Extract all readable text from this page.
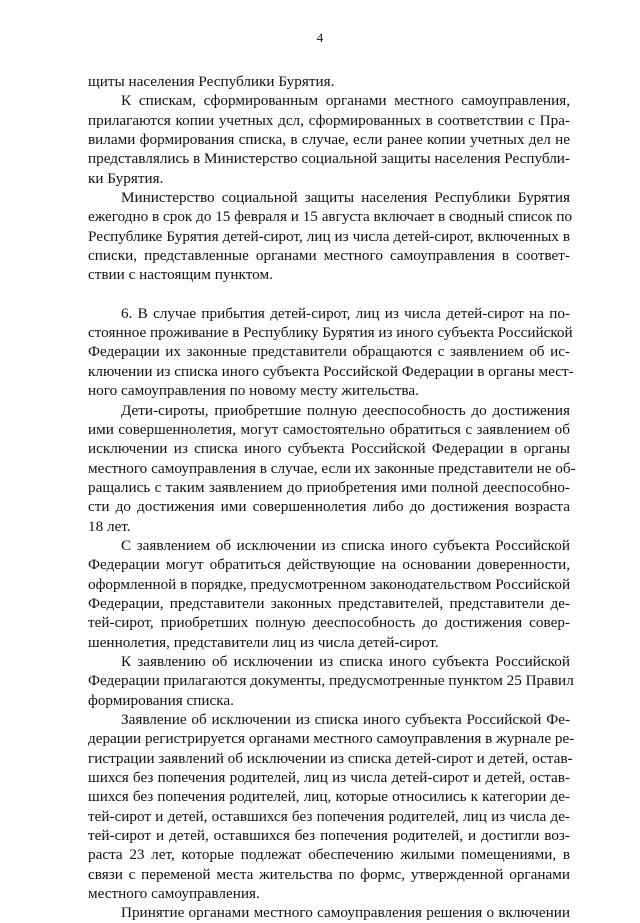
4
щиты населения Республики Бурятия.
К спискам, сформированным органами местного самоуправления,
прилагаются копии учетных дсл, сформированных в соответствии с Пра-
вилами формирования списка, в случае, если ранее копии учетных дел не
представлялись в Министерство социальной защиты населения Республи-
ки Бурятия.
Министерство социальной защиты населения Республики Бурятия
ежегодно в срок до 15 февраля и 15 августа включает в сводный список по
Республике Бурятия детей-сирот, лиц из числа детей-сирот, включенных в
списки, представленные органами местного самоуправления в соответ-
ствии с настоящим пунктом.
6. В случае прибытия детей-сирот, лиц из числа детей-сирот на по-
стоянное проживание в Республику Бурятия из иного субъекта Российской
Федерации их законные представители обращаются с заявлением об ис-
ключении из списка иного субъекта Российской Федерации в органы мест-
ного самоуправления по новому месту жительства.
Дети-сироты, приобретшие полную дееспособность до достижения
ими совершеннолетия, могут самостоятельно обратиться с заявлением об
исключении из списка иного субъекта Российской Федерации в органы
местного самоуправления в случае, если их законные представители не об-
ращались с таким заявлением до приобретения ими полной дееспособно-
сти до достижения ими совершеннолетия либо до достижения возраста
18 лет.
С заявлением об исключении из списка иного субъекта Российской
Федерации могут обратиться действующие на основании доверенности,
оформленной в порядке, предусмотренном законодательством Российской
Федерации, представители законных представителей, представители де-
тей-сирот, приобретших полную дееспособность до достижения совер-
шеннолетия, представители лиц из числа детей-сирот.
К заявлению об исключении из списка иного субъекта Российской
Федерации прилагаются документы, предусмотренные пунктом 25 Правил
формирования списка.
Заявление об исключении из списка иного субъекта Российской Фе-
дерации регистрируется органами местного самоуправления в журнале ре-
гистрации заявлений об исключении из списка детей-сирот и детей, остав-
шихся без попечения родителей, лиц из числа детей-сирот и детей, остав-
шихся без попечения родителей, лиц, которые относились к категории де-
тей-сирот и детей, оставшихся без попечения родителей, лиц из числа де-
тей-сирот и детей, оставшихся без попечения родителей, и достигли воз-
раста 23 лет, которые подлежат обеспечению жилыми помещениями, в
связи с переменой места жительства по формс, утвержденной органами
местного самоуправления.
Принятие органами местного самоуправления решения о включении
